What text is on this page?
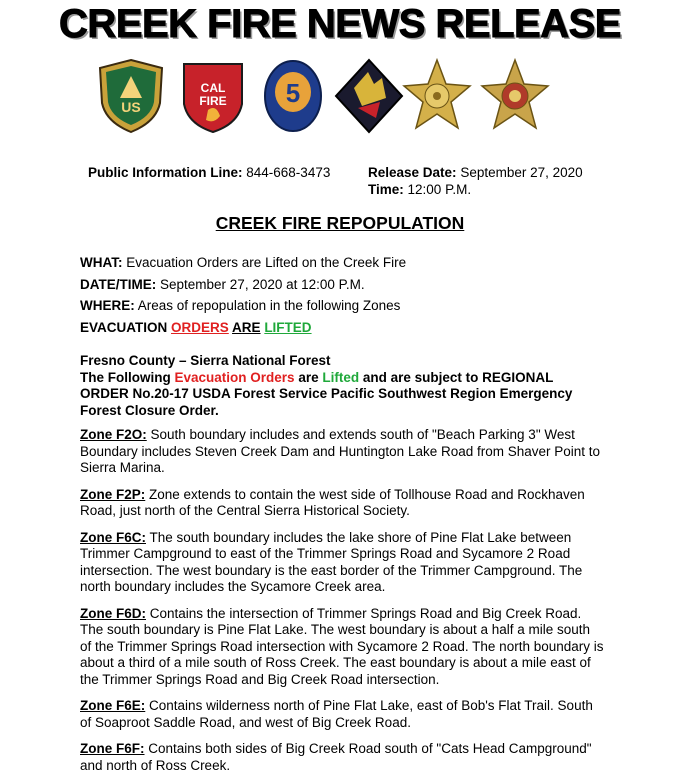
CREEK FIRE NEWS RELEASE
US
CAL
FIRE 5
Public Information Line: 844-668-3473	Release Date: September 27, 2020
Time: 12:00 P.M.
CREEK FIRE REPOPULATION
WHAT: Evacuation Orders are Lifted on the Creek Fire
DATE/TIME: September 27, 2020 at 12:00 P.M.
WHERE: Areas of repopulation in the following Zones
EVACUATION ORDERS ARE LIFTED
Fresno County – Sierra National Forest
The Following Evacuation Orders are Lifted and are subject to REGIONAL ORDER No.20-17 USDA Forest Service Pacific Southwest Region Emergency Forest Closure Order.
Zone F2O: South boundary includes and extends south of "Beach Parking 3" West Boundary includes Steven Creek Dam and Huntington Lake Road from Shaver Point to Sierra Marina.
Zone F2P: Zone extends to contain the west side of Tollhouse Road and Rockhaven Road, just north of the Central Sierra Historical Society.
Zone F6C: The south boundary includes the lake shore of Pine Flat Lake between Trimmer Campground to east of the Trimmer Springs Road and Sycamore 2 Road intersection. The west boundary is the east border of the Trimmer Campground. The north boundary includes the Sycamore Creek area.
Zone F6D: Contains the intersection of Trimmer Springs Road and Big Creek Road. The south boundary is Pine Flat Lake. The west boundary is about a half a mile south of the Trimmer Springs Road intersection with Sycamore 2 Road. The north boundary is about a third of a mile south of Ross Creek. The east boundary is about a mile east of the Trimmer Springs Road and Big Creek Road intersection.
Zone F6E: Contains wilderness north of Pine Flat Lake, east of Bob's Flat Trail. South of Soaproot Saddle Road, and west of Big Creek Road.
Zone F6F: Contains both sides of Big Creek Road south of "Cats Head Campground" and north of Ross Creek.
